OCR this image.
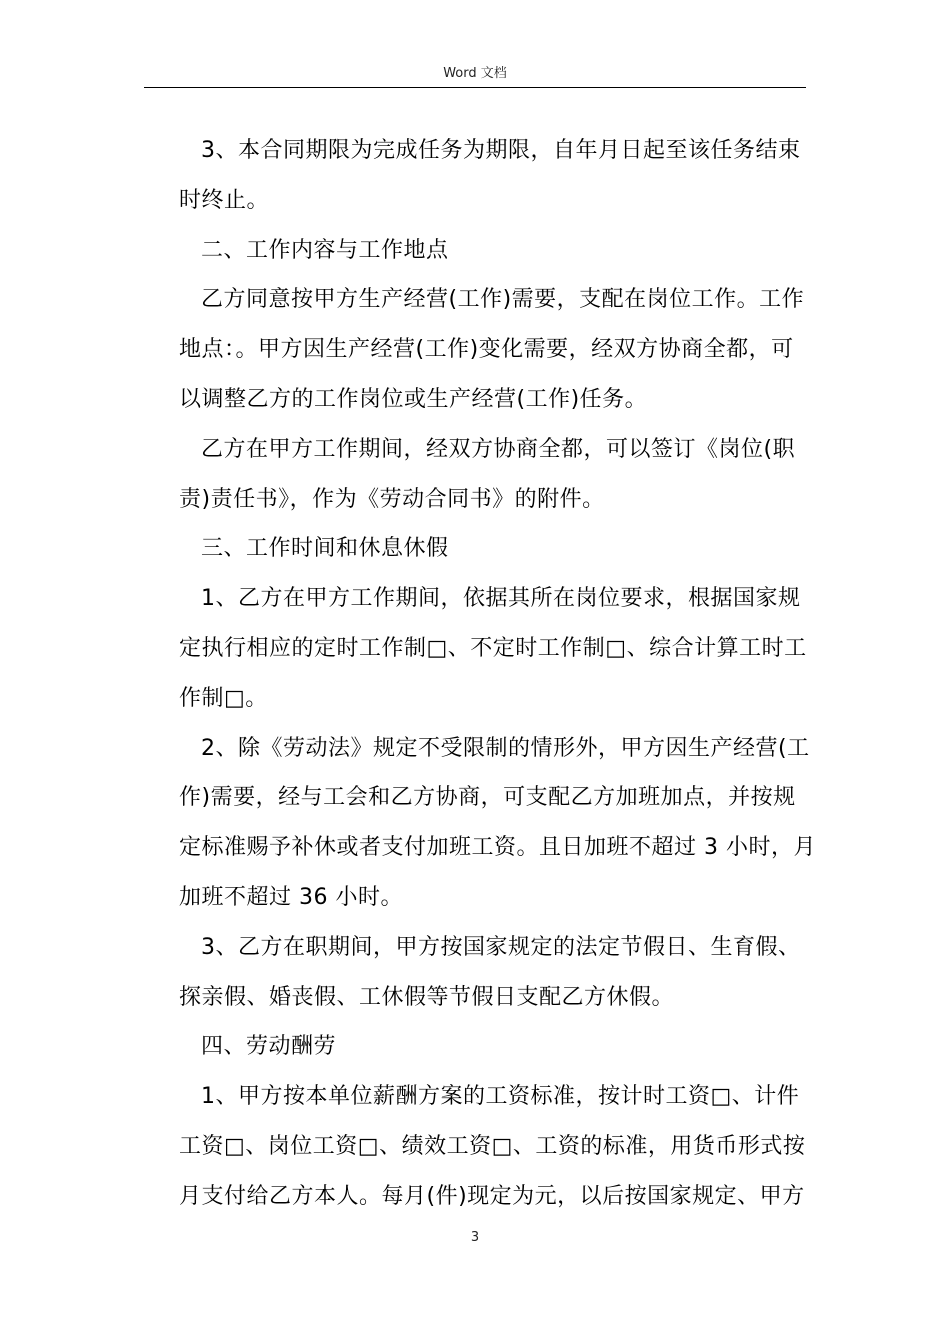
Word 文档

3、本合同期限为完成任务为期限，自年月日起至该任务结束
时终止。

二、工作内容与工作地点

乙方同意按甲方生产经营(工作)需要，支配在岗位工作。工作
地点：。甲方因生产经营(工作)变化需要，经双方协商全都，可
以调整乙方的工作岗位或生产经营(工作)任务。

乙方在甲方工作期间，经双方协商全都，可以签订《岗位(职
责)责任书》，作为《劳动合同书》的附件。

三、工作时间和休息休假

1、乙方在甲方工作期间，依据其所在岗位要求，根据国家规
定执行相应的定时工作制□、不定时工作制□、综合计算工时工
作制□。

2、除《劳动法》规定不受限制的情形外，甲方因生产经营(工
作)需要，经与工会和乙方协商，可支配乙方加班加点，并按规
定标准赐予补休或者支付加班工资。且日加班不超过 3 小时，月
加班不超过 36 小时。

3、乙方在职期间，甲方按国家规定的法定节假日、生育假、
探亲假、婚丧假、工休假等节假日支配乙方休假。

四、劳动酬劳

1、甲方按本单位薪酬方案的工资标准，按计时工资□、计件
工资□、岗位工资□、绩效工资□、工资的标准，用货币形式按
月支付给乙方本人。每月(件)现定为元，以后按国家规定、甲方

3
